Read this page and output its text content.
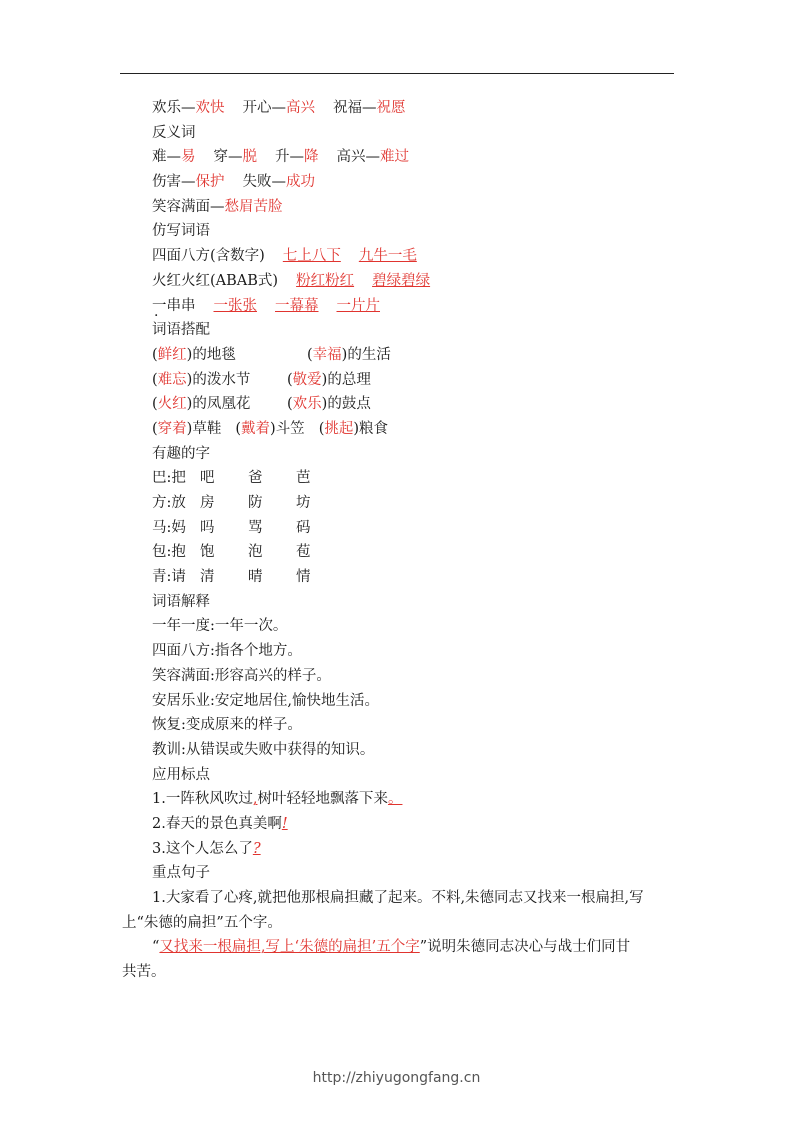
欢乐—欢快 开心—高兴 祝福—祝愿
反义词
难—易 穿—脱 升—降 高兴—难过
伤害—保护 失败—成功
笑容满面—愁眉苦脸
仿写词语
四面八方(含数字) 七上八下 九牛一毛
火红火红(ABAB式) 粉红粉红 碧绿碧绿
一串串 一张张 一幕幕 一片片
词语搭配
(鲜红)的地毯	(幸福)的生活
(难忘)的泼水节	(敬爱)的总理
(火红)的凤凰花	(欢乐)的鼓点
(穿着)草鞋 (戴着)斗笠 (挑起)粮食
有趣的字
巴:把 吧 爸 芭
方:放 房 防 坊
马:妈 吗 骂 码
包:抱 饱 泡 苞
青:请 清 晴 情
词语解释
一年一度:一年一次。
四面八方:指各个地方。
笑容满面:形容高兴的样子。
安居乐业:安定地居住,愉快地生活。
恢复:变成原来的样子。
教训:从错误或失败中获得的知识。
应用标点
1.一阵秋风吹过,树叶轻轻地飘落下来。
2.春天的景色真美啊!
3.这个人怎么了?
重点句子
1.大家看了心疼,就把他那根扁担藏了起来。不料,朱德同志又找来一根扁担,写上“朱德的扁担”五个字。
“又找来一根扁担,写上‘朱德的扁担’五个字”说明朱德同志决心与战士们同甘共苦。
http://zhiyugongfang.cn
